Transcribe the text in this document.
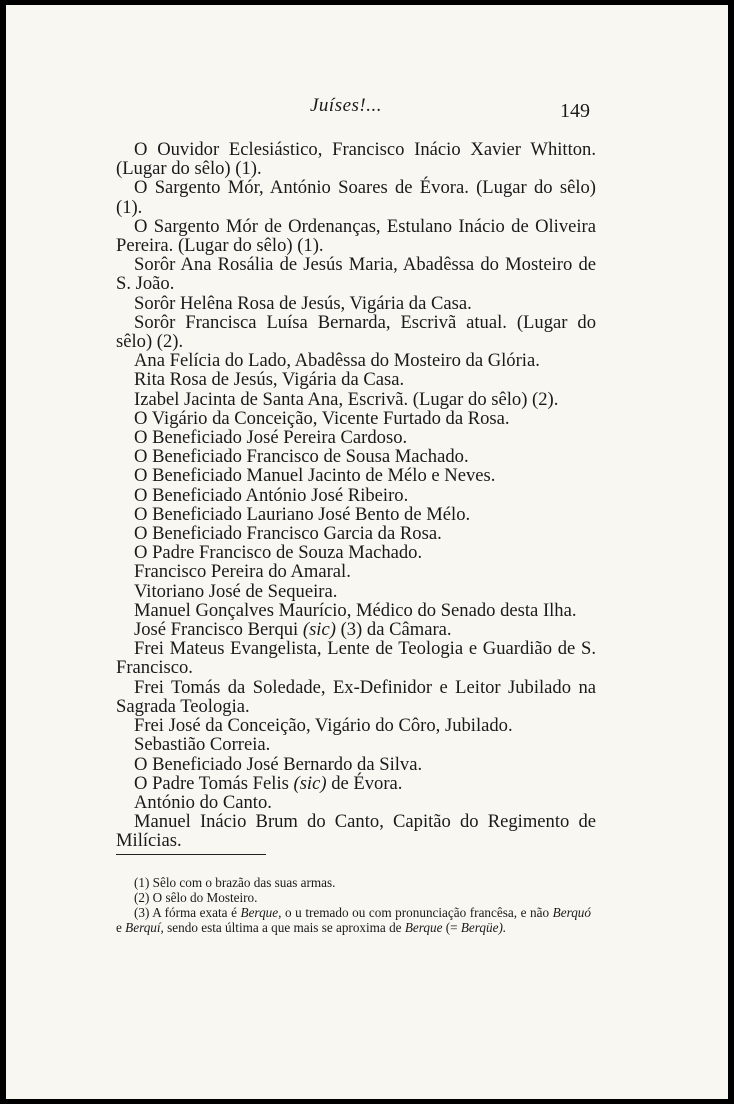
Juíses!...	149
O Ouvidor Eclesiástico, Francisco Inácio Xavier Whitton. (Lugar do sêlo) (1).
O Sargento Mór, António Soares de Évora. (Lugar do sêlo) (1).
O Sargento Mór de Ordenanças, Estulano Inácio de Oliveira Pereira. (Lugar do sêlo) (1).
Sorôr Ana Rosália de Jesús Maria, Abadêssa do Mosteiro de S. João.
Sorôr Helêna Rosa de Jesús, Vigária da Casa.
Sorôr Francisca Luísa Bernarda, Escrivã atual. (Lugar do sêlo) (2).
Ana Felícia do Lado, Abadêssa do Mosteiro da Glória.
Rita Rosa de Jesús, Vigária da Casa.
Izabel Jacinta de Santa Ana, Escrivã. (Lugar do sêlo) (2).
O Vigário da Conceição, Vicente Furtado da Rosa.
O Beneficiado José Pereira Cardoso.
O Beneficiado Francisco de Sousa Machado.
O Beneficiado Manuel Jacinto de Mélo e Neves.
O Beneficiado António José Ribeiro.
O Beneficiado Lauriano José Bento de Mélo.
O Beneficiado Francisco Garcia da Rosa.
O Padre Francisco de Souza Machado.
Francisco Pereira do Amaral.
Vitoriano José de Sequeira.
Manuel Gonçalves Maurício, Médico do Senado desta Ilha.
José Francisco Berqui (sic) (3) da Câmara.
Frei Mateus Evangelista, Lente de Teologia e Guardião de S. Francisco.
Frei Tomás da Soledade, Ex-Definidor e Leitor Jubilado na Sagrada Teologia.
Frei José da Conceição, Vigário do Côro, Jubilado.
Sebastião Correia.
O Beneficiado José Bernardo da Silva.
O Padre Tomás Felis (sic) de Évora.
António do Canto.
Manuel Inácio Brum do Canto, Capitão do Regimento de Milícias.
(1) Sêlo com o brazão das suas armas.
(2) O sêlo do Mosteiro.
(3) A fórma exata é Berque, o u tremado ou com pronunciação francêsa, e não Berquó e Berquí, sendo esta última a que mais se aproxima de Berque (= Berqüe).
